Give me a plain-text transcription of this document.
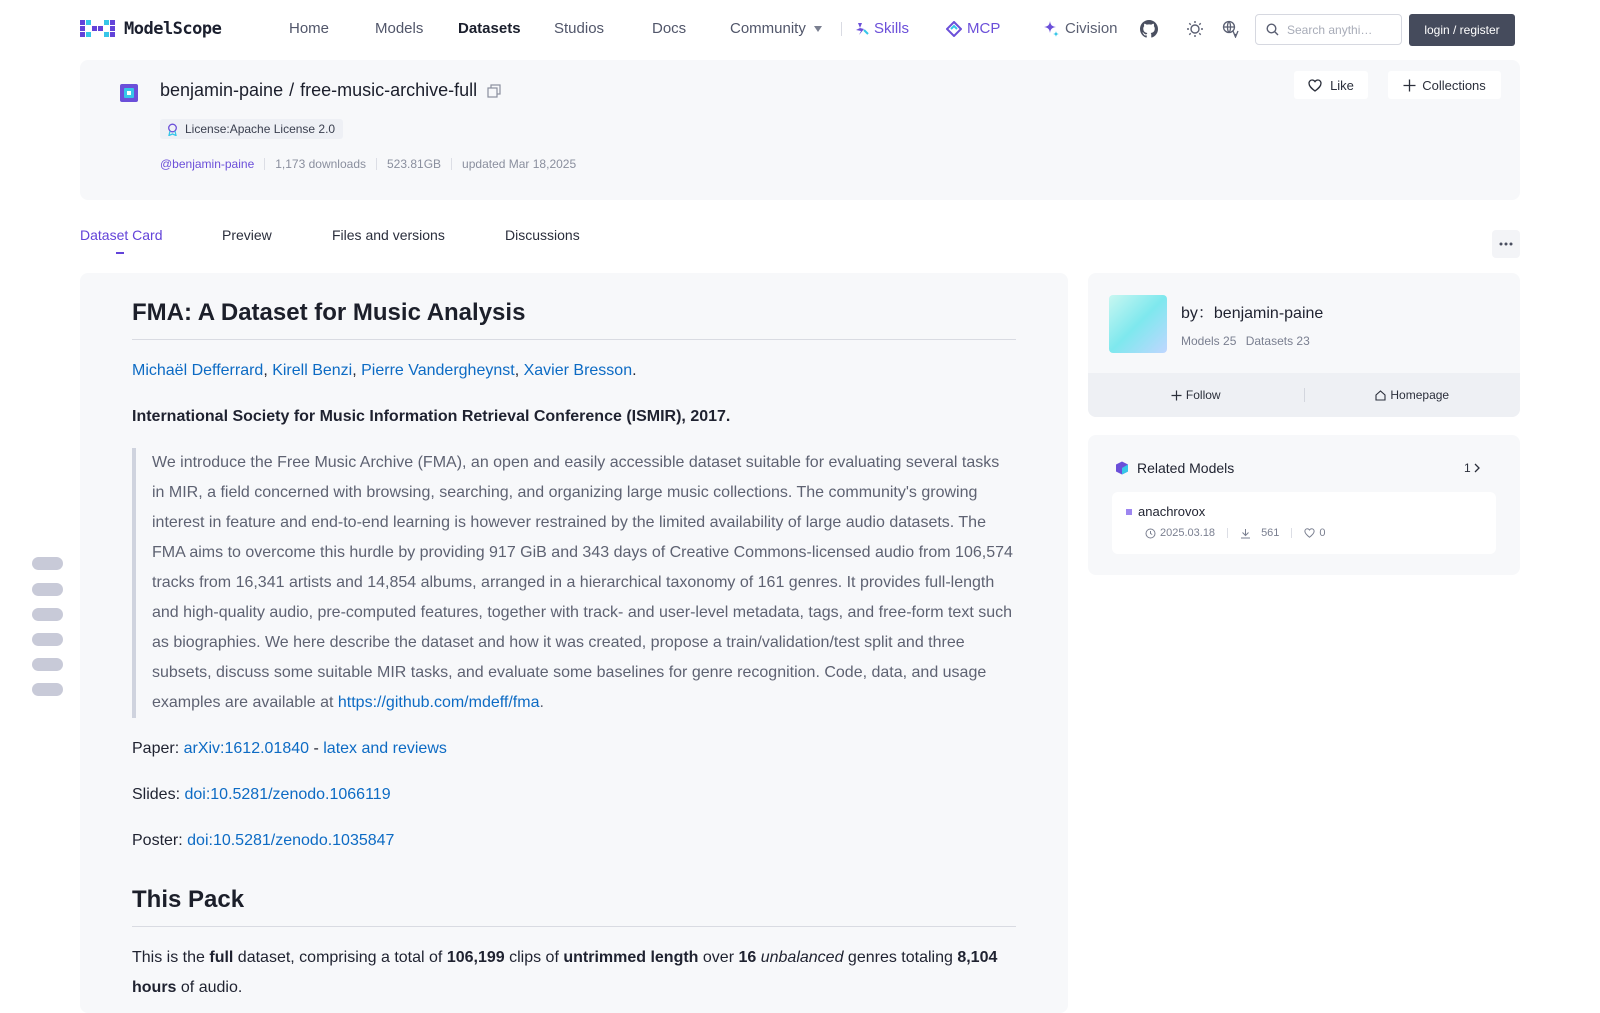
ModelScope	Home	Models Datasets Studios	Docs	Community	Skills	MCP	Civision
Search anythi…	login / register
benjamin-paine / free-music-archive-full
License:Apache License 2.0
@benjamin-paine 1,173 downloads 523.81GB updated Mar 18,2025
Like	Collections
Dataset Card	Preview	Files and versions	Discussions
FMA: A Dataset for Music Analysis

Michaël Defferrard, Kirell Benzi, Pierre Vandergheynst, Xavier Bresson.

International Society for Music Information Retrieval Conference (ISMIR), 2017.

We introduce the Free Music Archive (FMA), an open and easily accessible dataset suitable for evaluating several tasks in MIR, a field concerned with browsing, searching, and organizing large music collections. The community's growing interest in feature and end-to-end learning is however restrained by the limited availability of large audio datasets. The FMA aims to overcome this hurdle by providing 917 GiB and 343 days of Creative Commons-licensed audio from 106,574 tracks from 16,341 artists and 14,854 albums, arranged in a hierarchical taxonomy of 161 genres. It provides full-length and high-quality audio, pre-computed features, together with track- and user-level metadata, tags, and free-form text such as biographies. We here describe the dataset and how it was created, propose a train/validation/test split and three subsets, discuss some suitable MIR tasks, and evaluate some baselines for genre recognition. Code, data, and usage examples are available at https://github.com/mdeff/fma.

Paper: arXiv:1612.01840 - latex and reviews

Slides: doi:10.5281/zenodo.1066119

Poster: doi:10.5281/zenodo.1035847

This Pack

This is the full dataset, comprising a total of 106,199 clips of untrimmed length over 16 unbalanced genres totaling 8,104 hours of audio.

by：benjamin-paine
Models 25 Datasets 23
Follow	Homepage
Related Models	1
anachrovox
2025.03.18	561	0
